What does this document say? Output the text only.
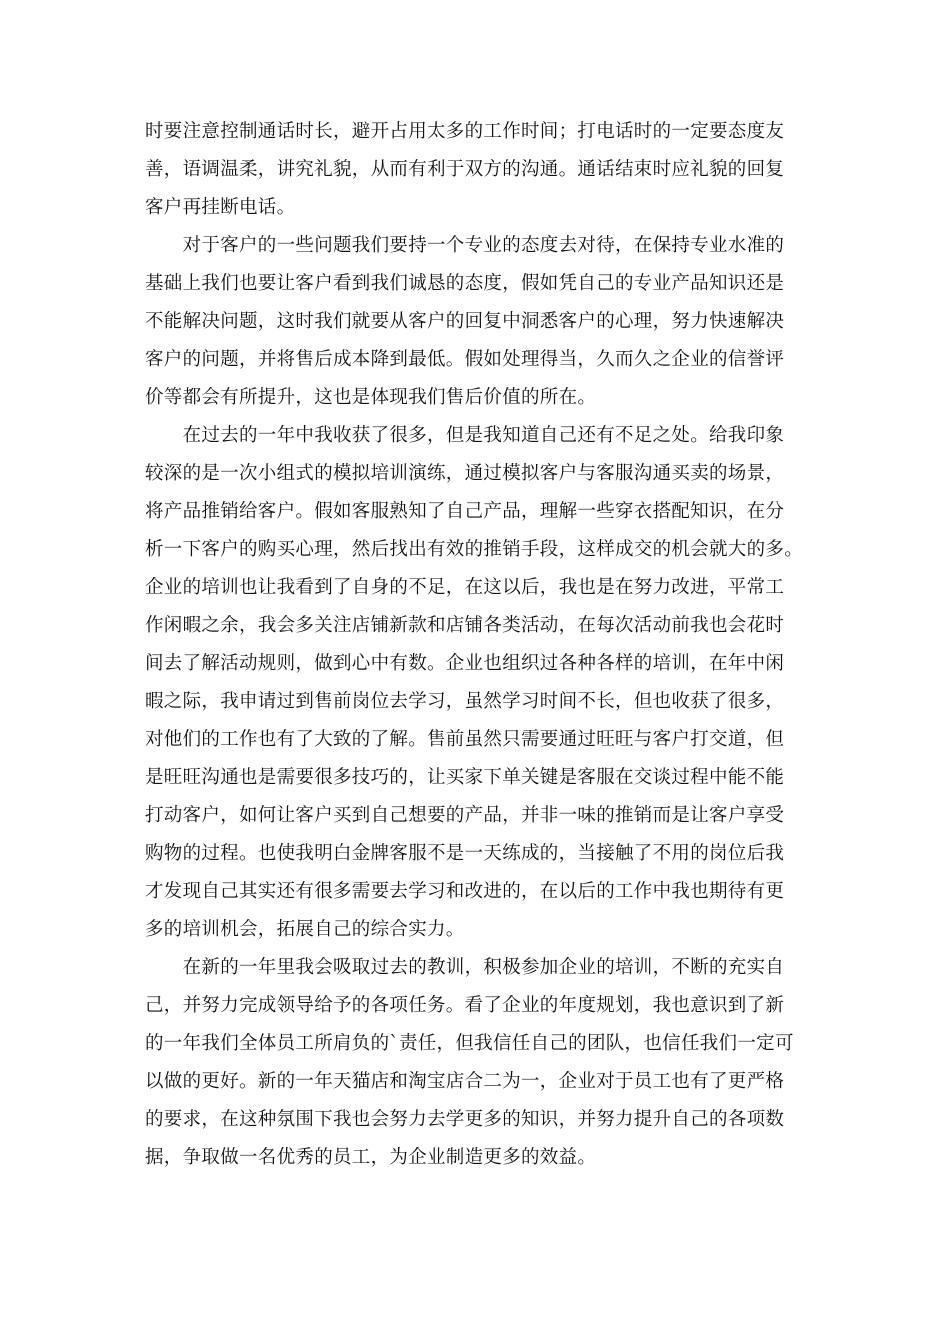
时要注意控制通话时长，避开占用太多的工作时间；打电话时的一定要态度友
善，语调温柔，讲究礼貌，从而有利于双方的沟通。通话结束时应礼貌的回复
客户再挂断电话。
　　对于客户的一些问题我们要持一个专业的态度去对待，在保持专业水准的
基础上我们也要让客户看到我们诚恳的态度，假如凭自己的专业产品知识还是
不能解决问题，这时我们就要从客户的回复中洞悉客户的心理，努力快速解决
客户的问题，并将售后成本降到最低。假如处理得当，久而久之企业的信誉评
价等都会有所提升，这也是体现我们售后价值的所在。
　　在过去的一年中我收获了很多，但是我知道自己还有不足之处。给我印象
较深的是一次小组式的模拟培训演练，通过模拟客户与客服沟通买卖的场景，
将产品推销给客户。假如客服熟知了自己产品，理解一些穿衣搭配知识，在分
析一下客户的购买心理，然后找出有效的推销手段，这样成交的机会就大的多。
企业的培训也让我看到了自身的不足，在这以后，我也是在努力改进，平常工
作闲暇之余，我会多关注店铺新款和店铺各类活动，在每次活动前我也会花时
间去了解活动规则，做到心中有数。企业也组织过各种各样的培训，在年中闲
暇之际，我申请过到售前岗位去学习，虽然学习时间不长，但也收获了很多，
对他们的工作也有了大致的了解。售前虽然只需要通过旺旺与客户打交道，但
是旺旺沟通也是需要很多技巧的，让买家下单关键是客服在交谈过程中能不能
打动客户，如何让客户买到自己想要的产品，并非一味的推销而是让客户享受
购物的过程。也使我明白金牌客服不是一天练成的，当接触了不用的岗位后我
才发现自己其实还有很多需要去学习和改进的，在以后的工作中我也期待有更
多的培训机会，拓展自己的综合实力。
　　在新的一年里我会吸取过去的教训，积极参加企业的培训，不断的充实自
己，并努力完成领导给予的各项任务。看了企业的年度规划，我也意识到了新
的一年我们全体员工所肩负的`责任，但我信任自己的团队，也信任我们一定可
以做的更好。新的一年天猫店和淘宝店合二为一，企业对于员工也有了更严格
的要求，在这种氛围下我也会努力去学更多的知识，并努力提升自己的各项数
据，争取做一名优秀的员工，为企业制造更多的效益。
